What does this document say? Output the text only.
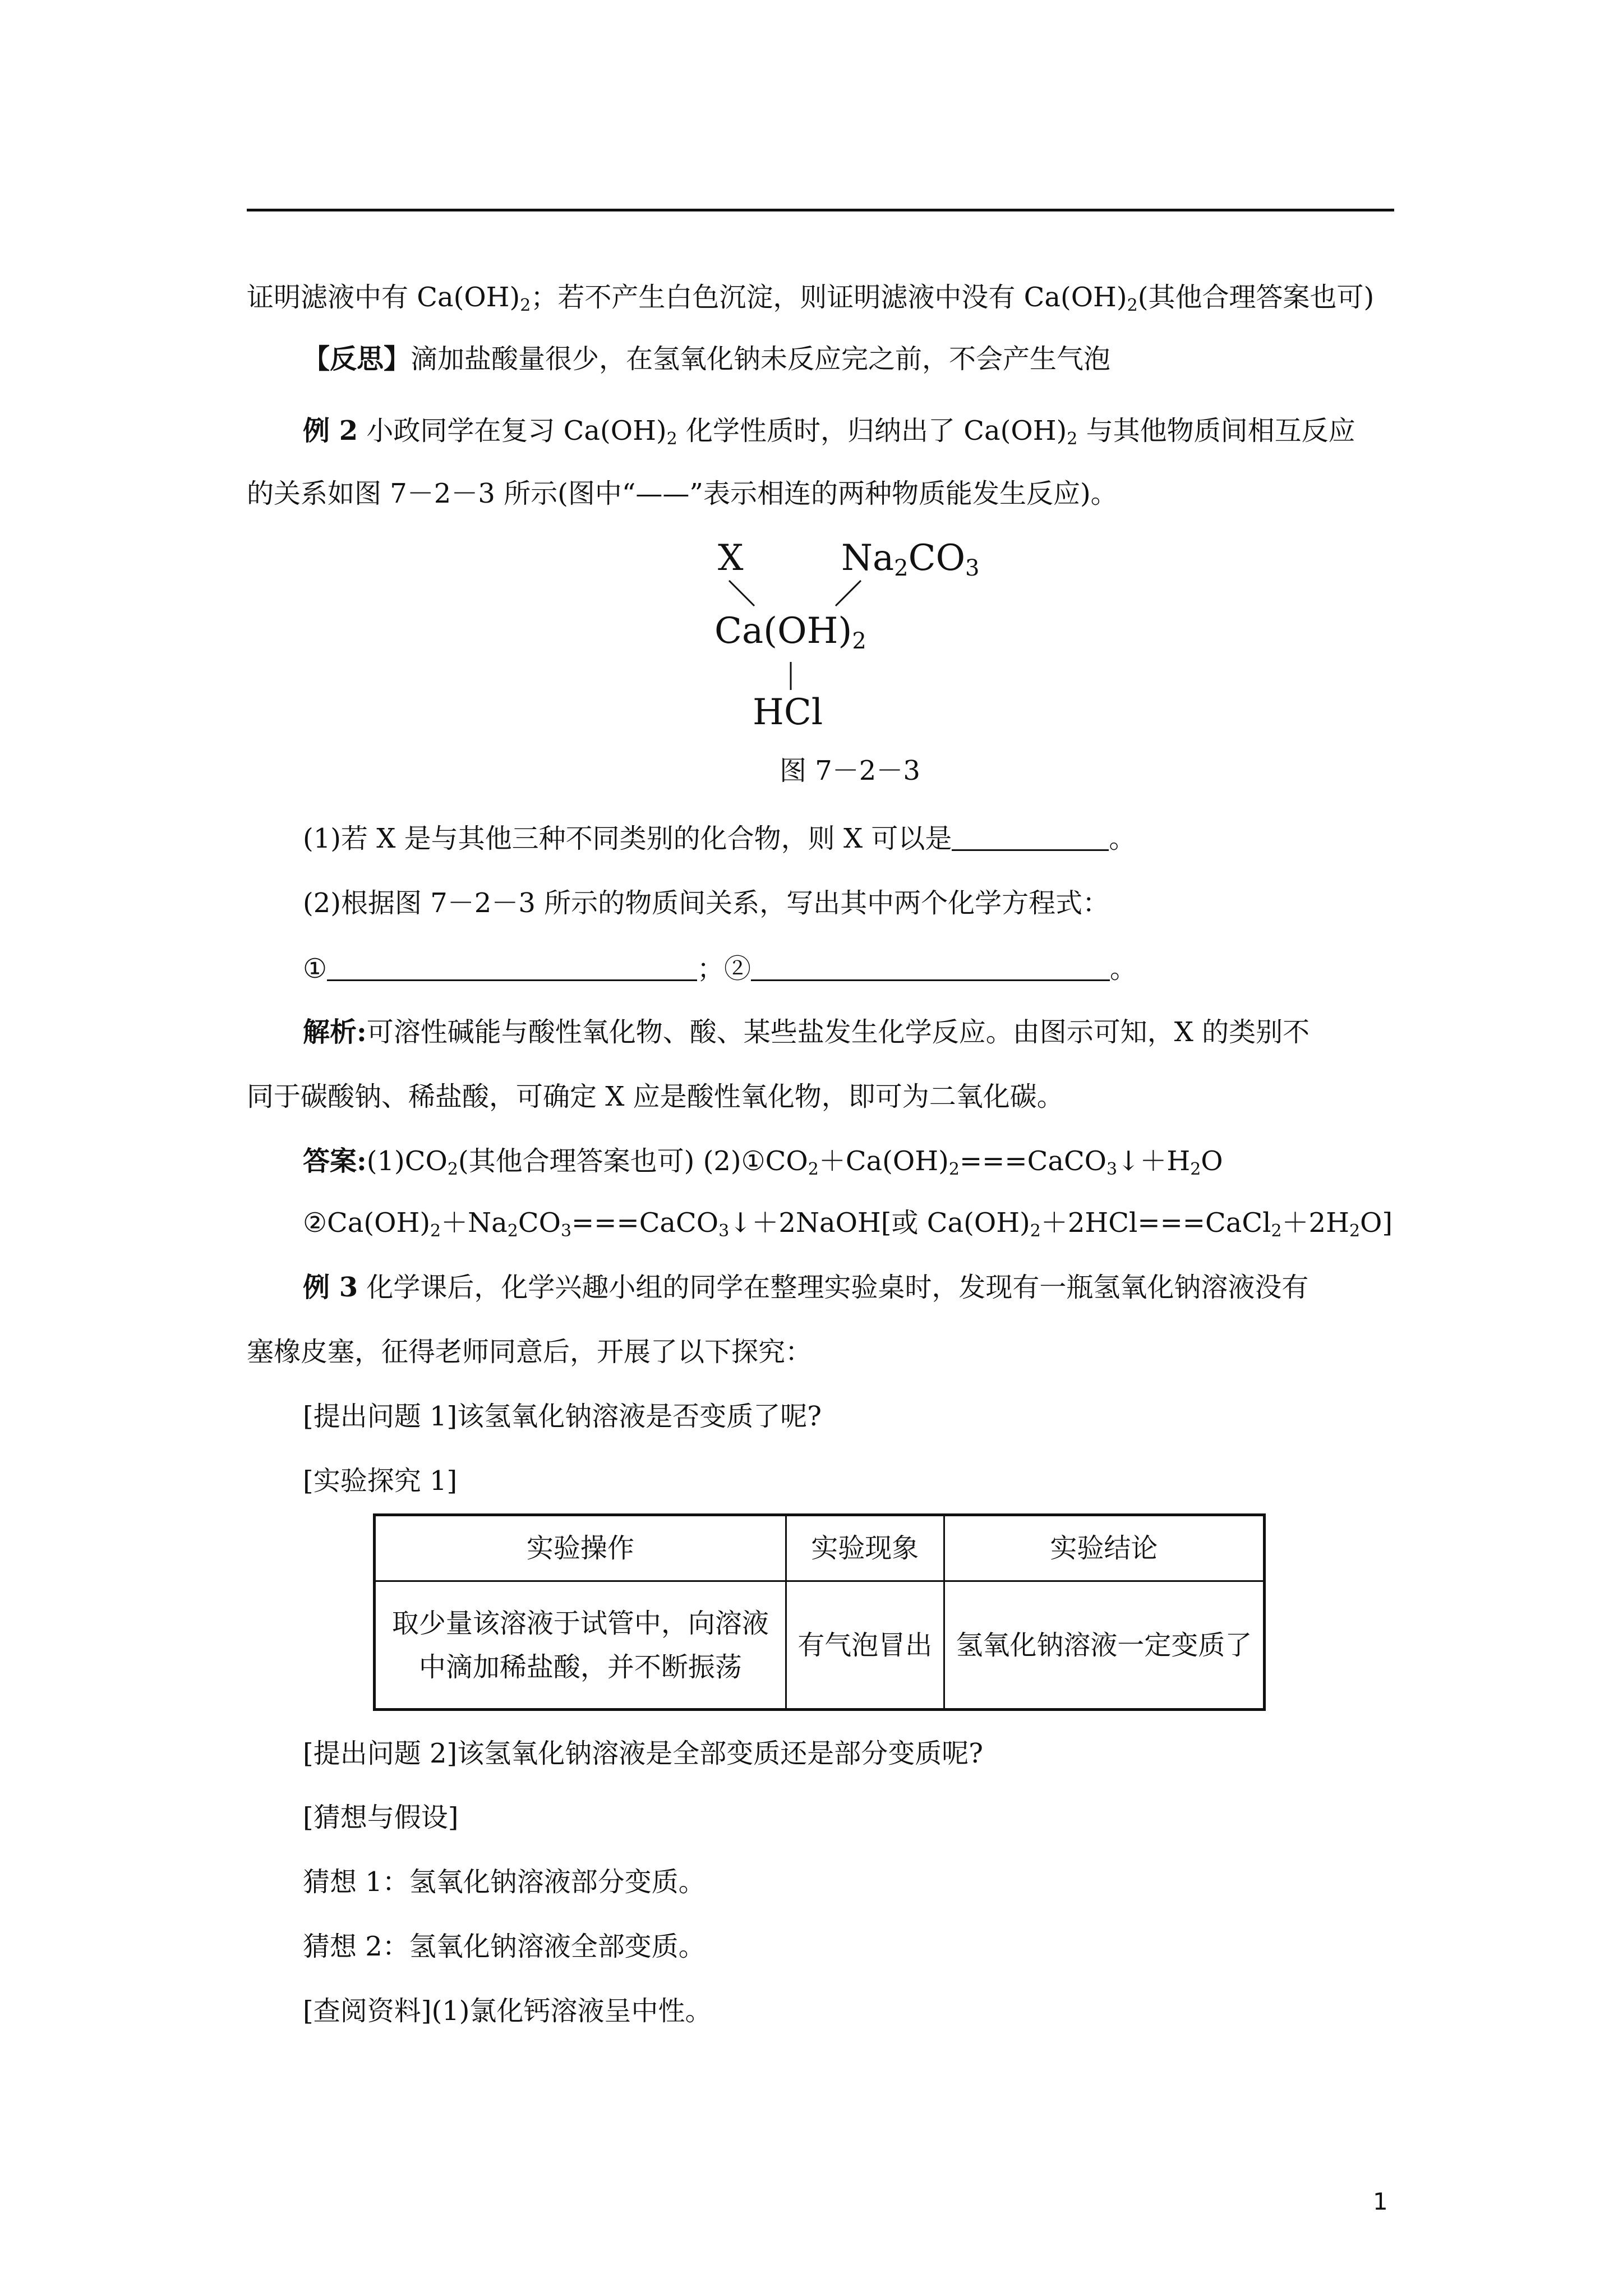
证明滤液中有 $Ca(OH)_2$；若不产生白色沉淀，则证明滤液中没有 $Ca(OH)_2$(其他合理答案也可)
【反思】滴加盐酸量很少，在氢氧化钠未反应完之前，不会产生气泡
例 2 小政同学在复习 $Ca(OH)_2$ 化学性质时，归纳出了 $Ca(OH)_2$ 与其他物质间相互反应
的关系如图 7－2－3 所示(图中“——”表示相连的两种物质能发生反应)。
X	$Na_2CO_3$
$Ca(OH)_2$
HCl
图 7－2－3
(1)若 X 是与其他三种不同类别的化合物，则 X 可以是	。
(2)根据图 7－2－3 所示的物质间关系，写出其中两个化学方程式：
①	；②	。
解析:可溶性碱能与酸性氧化物、酸、某些盐发生化学反应。由图示可知，X 的类别不
同于碳酸钠、稀盐酸，可确定 X 应是酸性氧化物，即可为二氧化碳。
答案$:(1)CO_2$(其他合理答案也可) $(2)①CO_2+Ca(OH)_2===CaCO_3↓+H_2O$
$②Ca(OH)_2+Na_2CO_3===CaCO_3↓+2NaOH$[或 $Ca(OH)_2+2HCl===CaCl_2+2H_2O$]
例 3 化学课后，化学兴趣小组的同学在整理实验桌时，发现有一瓶氢氧化钠溶液没有
塞橡皮塞，征得老师同意后，开展了以下探究：
[提出问题 1]该氢氧化钠溶液是否变质了呢?
[实验探究 1]
实验操作	实验现象	实验结论
取少量该溶液于试管中，向溶液
中滴加稀盐酸，并不断振荡	有气泡冒出	氢氧化钠溶液一定变质了
[提出问题 2]该氢氧化钠溶液是全部变质还是部分变质呢?
[猜想与假设]
猜想 1：氢氧化钠溶液部分变质。
猜想 2：氢氧化钠溶液全部变质。
[查阅资料](1)氯化钙溶液呈中性。
1
